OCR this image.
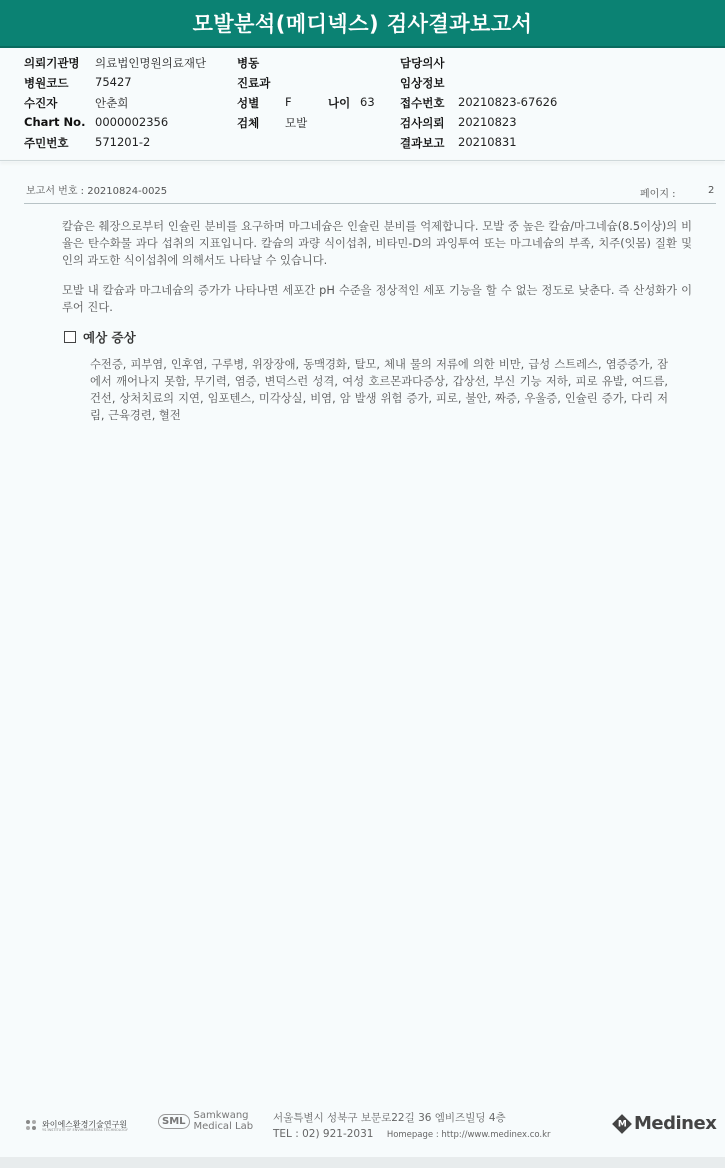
모발분석(메디넥스) 검사결과보고서
의뢰기관명 의료법인명원의료재단	병동	담당의사
병원코드 75427	진료과	임상정보
수진자	안춘희	성별 F	나이 63 접수번호 20210823-67626
Chart No. 0000002356	검체 모발	검사의뢰 20210823
주민번호 571201-2	결과보고 20210831
보고서 번호 : 20210824-0025	페이지 :	2

칼슘은 췌장으로부터 인슐린 분비를 요구하며 마그네슘은 인슐린 분비를 억제합니다. 모발 중 높은 칼슘/마그네슘(8.5이상)의 비율은 탄수화물 과다 섭취의 지표입니다. 칼슘의 과량 식이섭취, 비타민-D의 과잉투여 또는 마그네슘의 부족, 치주(잇몸) 질환 및 인의 과도한 식이섭취에 의해서도 나타날 수 있습니다.

모발 내 칼슘과 마그네슘의 증가가 나타나면 세포간 pH 수준을 정상적인 세포 기능을 할 수 없는 정도로 낮춘다. 즉 산성화가 이루어 진다.

예상 증상

수전증, 피부염, 인후염, 구루병, 위장장애, 동맥경화, 탈모, 체내 물의 저류에 의한 비만, 급성 스트레스, 염증증가, 잠에서 깨어나지 못함, 무기력, 염증, 변덕스런 성격, 여성 호르몬과다증상, 갑상선, 부신 기능 저하, 피로 유발, 여드름, 건선, 상처치료의 지연, 임포텐스, 미각상실, 비염, 암 발생 위험 증가, 피로, 불안, 짜증, 우울증, 인슐린 증가, 다리 저림, 근육경련, 혈전

와이에스환경기술연구원
YS INSTITUTE OF ENVIRONMENTAL TECHNOLOGY
SML Samkwang
Medical Lab
서울특별시 성북구 보문로22길 36 엠비즈빌딩 4층
TEL : 02) 921-2031 Homepage : http://www.medinex.co.kr
M Medinex
